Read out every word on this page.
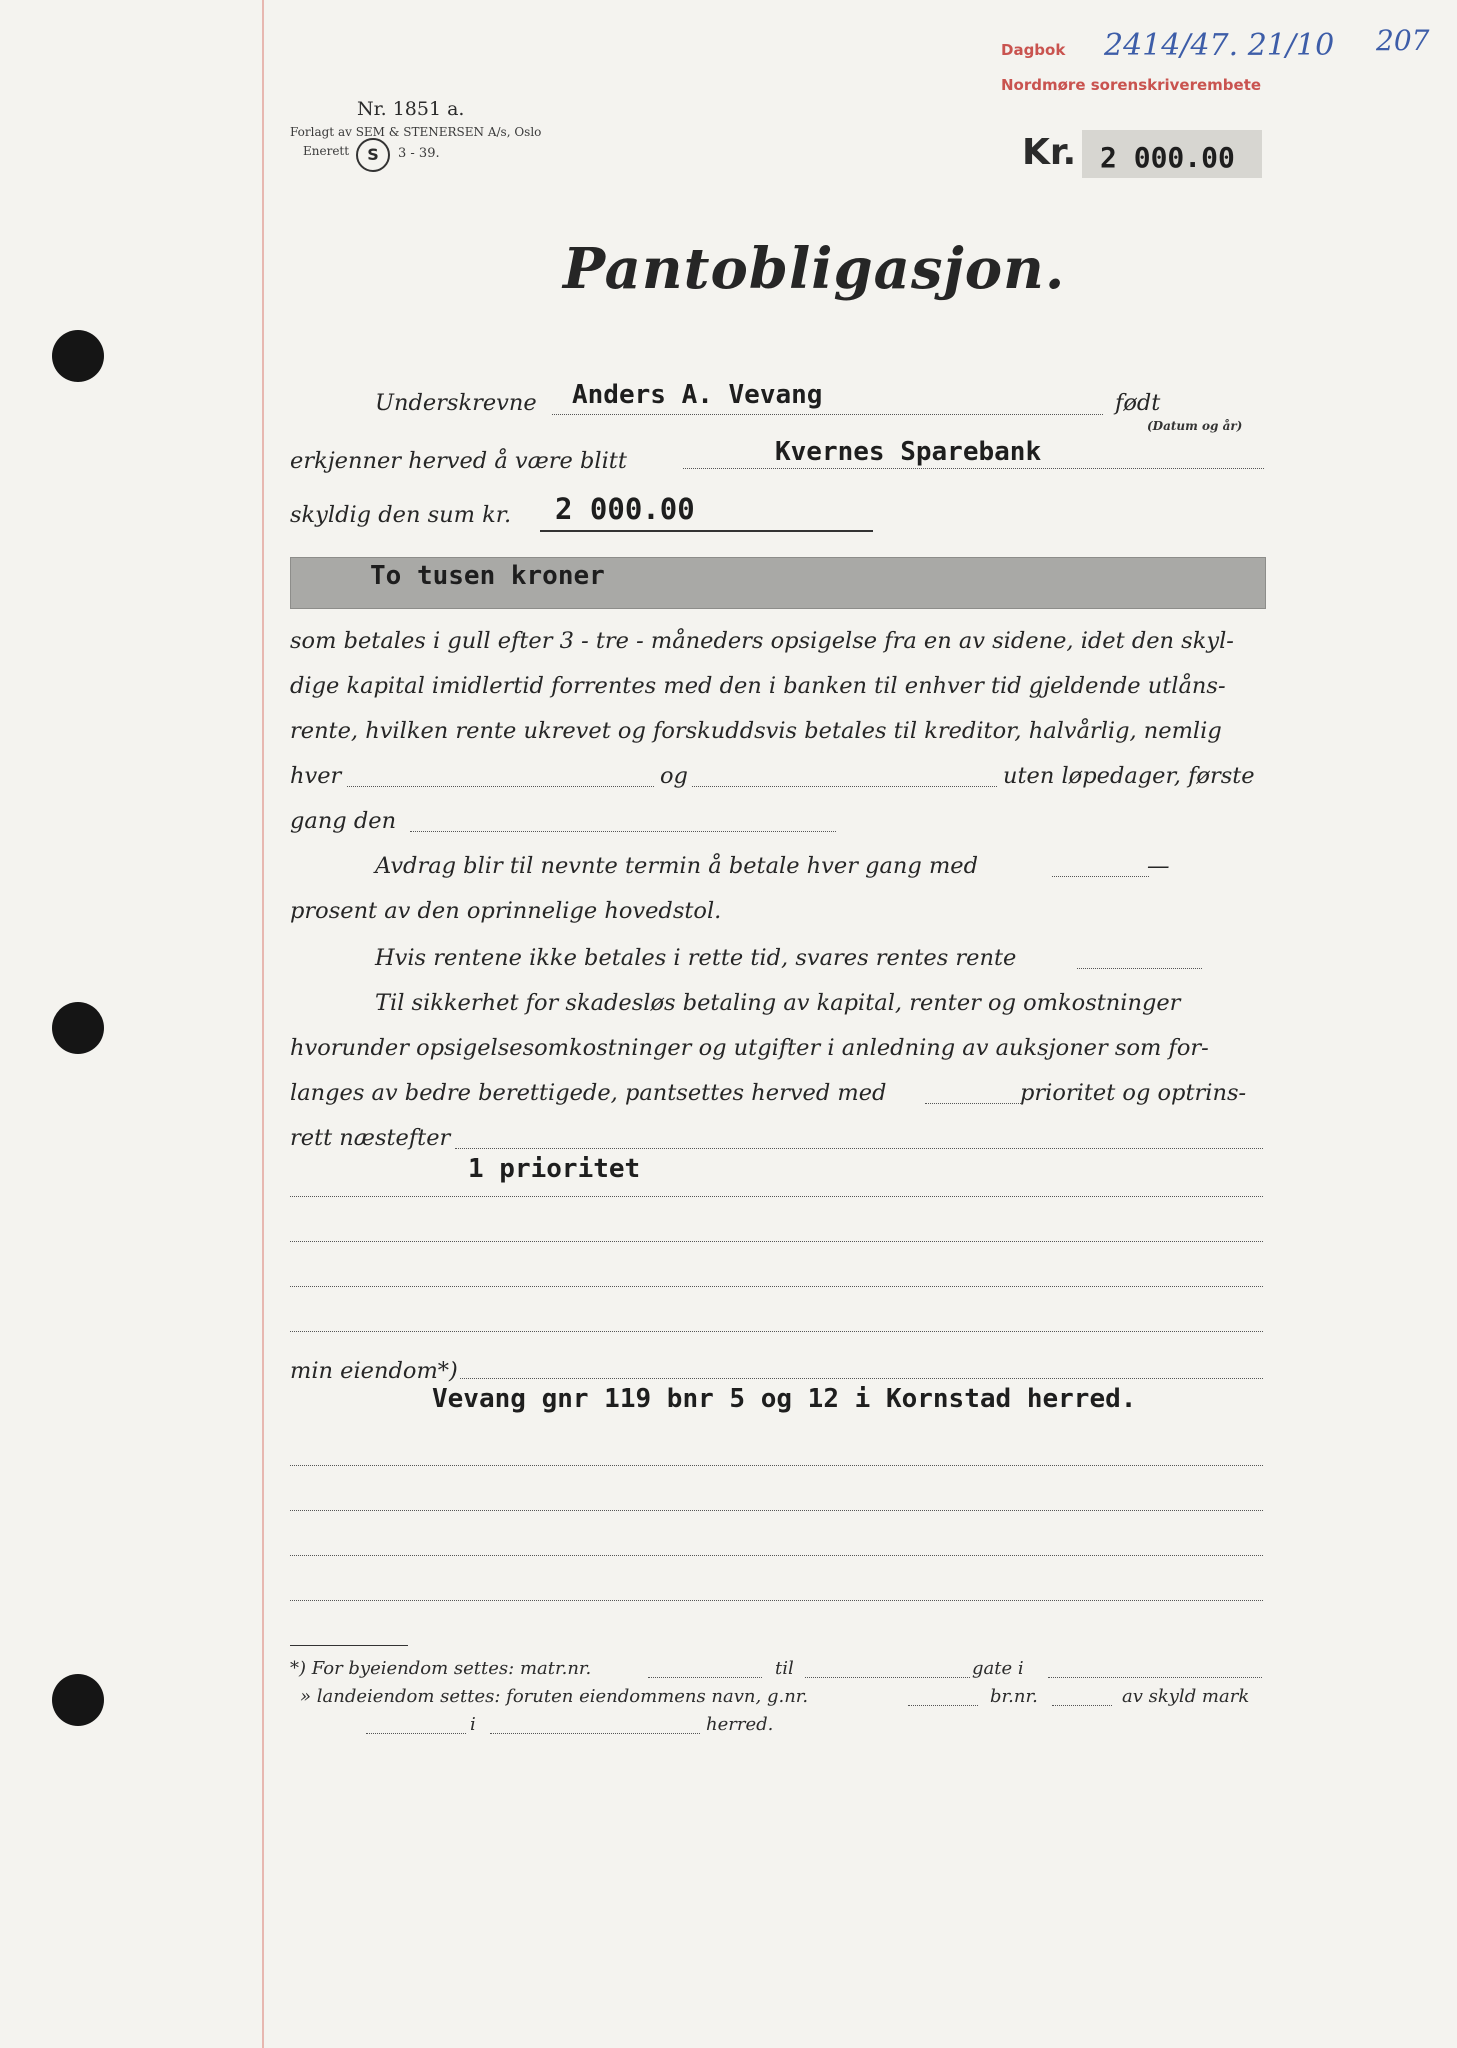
Nr. 1851 a.
Forlagt av SEM & STENERSEN A/s, Oslo
Enerett	S	3 - 39.
Dagbok
Nordmøre sorenskriverembete
2414/47. 21/10 207
Kr. 2 000.00
Pantobligasjon.
Underskrevne Anders A. Vevang	født
(Datum og år)
erkjenner herved å være blitt	Kvernes Sparebank
skyldig den sum kr. 2 000.00
To tusen kroner
som betales i gull efter 3 - tre - måneders opsigelse fra en av sidene, idet den skyl-
dige kapital imidlertid forrentes med den i banken til enhver tid gjeldende utlåns-
rente, hvilken rente ukrevet og forskuddsvis betales til kreditor, halvårlig, nemlig
hver	og	uten løpedager, første
gang den
Avdrag blir til nevnte termin å betale hver gang med	—
prosent av den oprinnelige hovedstol.
Hvis rentene ikke betales i rette tid, svares rentes rente
Til sikkerhet for skadesløs betaling av kapital, renter og omkostninger
hvorunder opsigelsesomkostninger og utgifter i anledning av auksjoner som for-
langes av bedre berettigede, pantsettes herved med	prioritet og optrins-
rett næstefter
1 prioritet
min eiendom*)
Vevang gnr 119 bnr 5 og 12 i Kornstad herred.
*) For byeiendom settes: matr.nr.	til	gate i
» landeiendom settes: foruten eiendommens navn, g.nr.	br.nr.	av skyld mark
i	herred.
